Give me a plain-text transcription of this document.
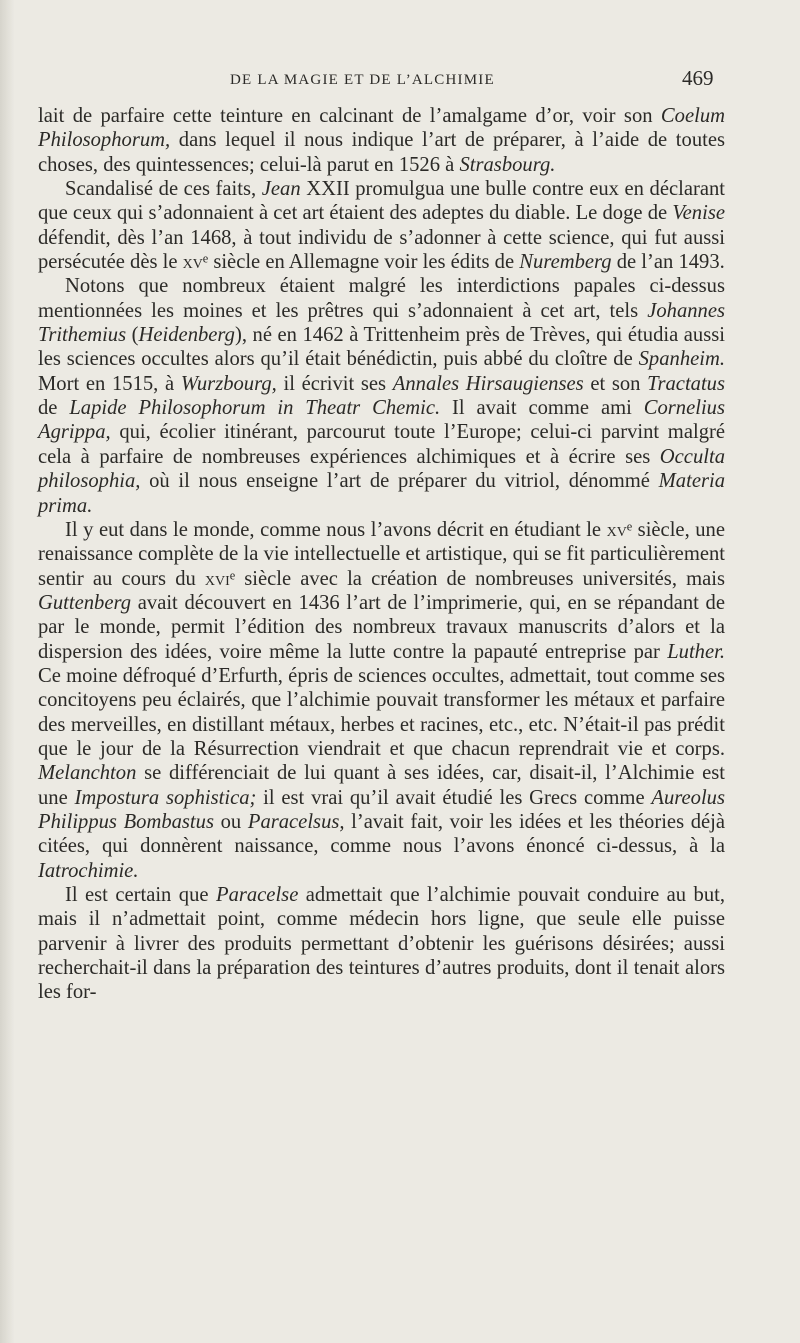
DE LA MAGIE ET DE L’ALCHIMIE	469

lait de parfaire cette teinture en calcinant de l’amalgame d’or, voir son Coelum Philosophorum, dans lequel il nous indique l’art de préparer, à l’aide de toutes choses, des quintessences; celui-là parut en 1526 à Strasbourg.

Scandalisé de ces faits, Jean XXII promulgua une bulle contre eux en déclarant que ceux qui s’adonnaient à cet art étaient des adeptes du diable. Le doge de Venise défendit, dès l’an 1468, à tout individu de s’adonner à cette science, qui fut aussi persécutée dès le xvᵉ siècle en Allemagne voir les édits de Nuremberg de l’an 1493.

Notons que nombreux étaient malgré les interdictions papales ci-dessus mentionnées les moines et les prêtres qui s’adonnaient à cet art, tels Johannes Trithemius (Heidenberg), né en 1462 à Trittenheim près de Trèves, qui étudia aussi les sciences occultes alors qu’il était bénédictin, puis abbé du cloître de Spanheim. Mort en 1515, à Wurzbourg, il écrivit ses Annales Hirsaugienses et son Tractatus de Lapide Philosophorum in Theatr Chemic. Il avait comme ami Cornelius Agrippa, qui, écolier itinérant, parcourut toute l’Europe; celui-ci parvint malgré cela à parfaire de nombreuses expériences alchimiques et à écrire ses Occulta philosophia, où il nous enseigne l’art de préparer du vitriol, dénommé Materia prima.

Il y eut dans le monde, comme nous l’avons décrit en étudiant le xvᵉ siècle, une renaissance complète de la vie intellectuelle et artistique, qui se fit particulièrement sentir au cours du xviᵉ siècle avec la création de nombreuses universités, mais Guttenberg avait découvert en 1436 l’art de l’imprimerie, qui, en se répandant de par le monde, permit l’édition des nombreux travaux manuscrits d’alors et la dispersion des idées, voire même la lutte contre la papauté entreprise par Luther. Ce moine défroqué d’Erfurth, épris de sciences occultes, admettait, tout comme ses concitoyens peu éclairés, que l’alchimie pouvait transformer les métaux et parfaire des merveilles, en distillant métaux, herbes et racines, etc., etc. N’était-il pas prédit que le jour de la Résurrection viendrait et que chacun reprendrait vie et corps. Melanchton se différenciait de lui quant à ses idées, car, disait-il, l’Alchimie est une Impostura sophistica; il est vrai qu’il avait étudié les Grecs comme Aureolus Philippus Bombastus ou Paracelsus, l’avait fait, voir les idées et les théories déjà citées, qui donnèrent naissance, comme nous l’avons énoncé ci-dessus, à la Iatrochimie.

Il est certain que Paracelse admettait que l’alchimie pouvait conduire au but, mais il n’admettait point, comme médecin hors ligne, que seule elle puisse parvenir à livrer des produits permettant d’obtenir les guérisons désirées; aussi recherchait-il dans la préparation des teintures d’autres produits, dont il tenait alors les for-
